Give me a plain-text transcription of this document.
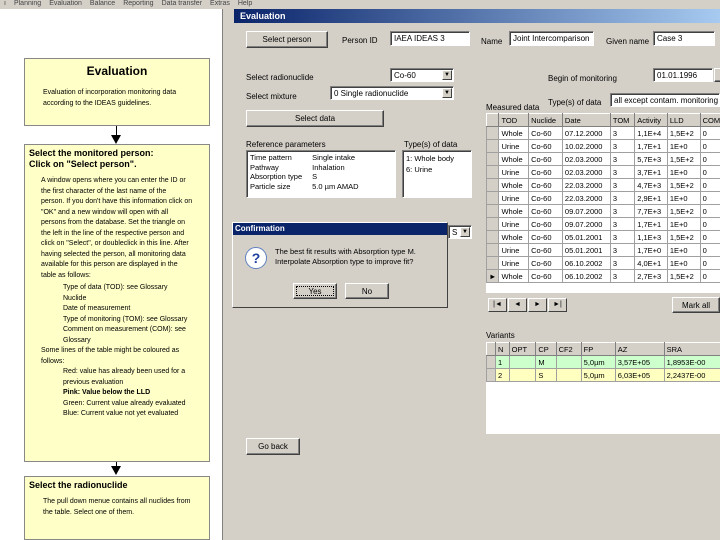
ı Planning Evaluation Balance Reporting Data transfer Extras Help
Evaluation
Evaluation of incorporation monitoring data
according to the IDEAS guidelines.
Select the monitored person:
Click on "Select person".
A window opens where you can enter the ID or
the first character of the last name of the
person. If you don't have this information click on
"OK" and a new window will open with all
persons from the database. Set the triangle on
the left in the line of the respective person and
click on "Select", or doubleclick in this line. After
having selected the person, all monitoring data
available for this person are displayed in the
table as follows:
Type of data (TOD): see Glossary
Nuclide
Date of measurement
Type of monitoring (TOM): see Glossary
Comment on measurement (COM): see
Glossary
Some lines of the table might be coloured as
follows:
Red: value has already been used for a
previous evaluation
Pink: Value below the LLD
Green: Current value already evaluated
Blue: Current value not yet evaluated
Select the radionuclide
The pull down menue contains all nuclides from
the table. Select one of them.
Evaluation
Select person	Person ID	IAEA IDEAS 3	Name	Joint Intercomparison	Given name Case 3
Select radionuclide	Co-60	▼
Select mixture	0 Single radionuclide	▼
Select data
Begin of monitoring	01.01.1996
Measured data
Type(s) of data	all except contam. monitoring
Reference parameters
Time pattern	Single intake
Pathway	Inhalation
Absorption type	S
Particle size	5.0 µm AMAD
Type(s) of data
1: Whole body
6: Urine
S ▼
	TOD	Nuclide	Date	TOM	Activity	LLD	COM
	Whole	Co-60	07.12.2000	3	1,1E+4	1,5E+2	0
	Urine	Co-60	10.02.2000	3	1,7E+1	1E+0	0
	Whole	Co-60	02.03.2000	3	5,7E+3	1,5E+2	0
	Urine	Co-60	02.03.2000	3	3,7E+1	1E+0	0
	Whole	Co-60	22.03.2000	3	4,7E+3	1,5E+2	0
	Urine	Co-60	22.03.2000	3	2,9E+1	1E+0	0
	Whole	Co-60	09.07.2000	3	7,7E+3	1,5E+2	0
	Urine	Co-60	09.07.2000	3	1,7E+1	1E+0	0
	Whole	Co-60	05.01.2001	3	1,1E+3	1,5E+2	0
	Urine	Co-60	05.01.2001	3	1,7E+0	1E+0	0
	Urine	Co-60	06.10.2002	3	4,0E+1	1E+0	0
►	Whole	Co-60	06.10.2002	3	2,7E+3	1,5E+2	0
|◄	◄	►	►|	Mark all
Variants
	N	OPT	CP	CF2	FP	AZ	SRA
	1		M		5,0µm	3,57E+05	1,8953E-00
	2		S		5,0µm	6,03E+05	2,2437E-00
Go back
Confirmation
?	The best fit results with Absorption type M.
Interpolate Absorption type to improve fit?
Yes	No
